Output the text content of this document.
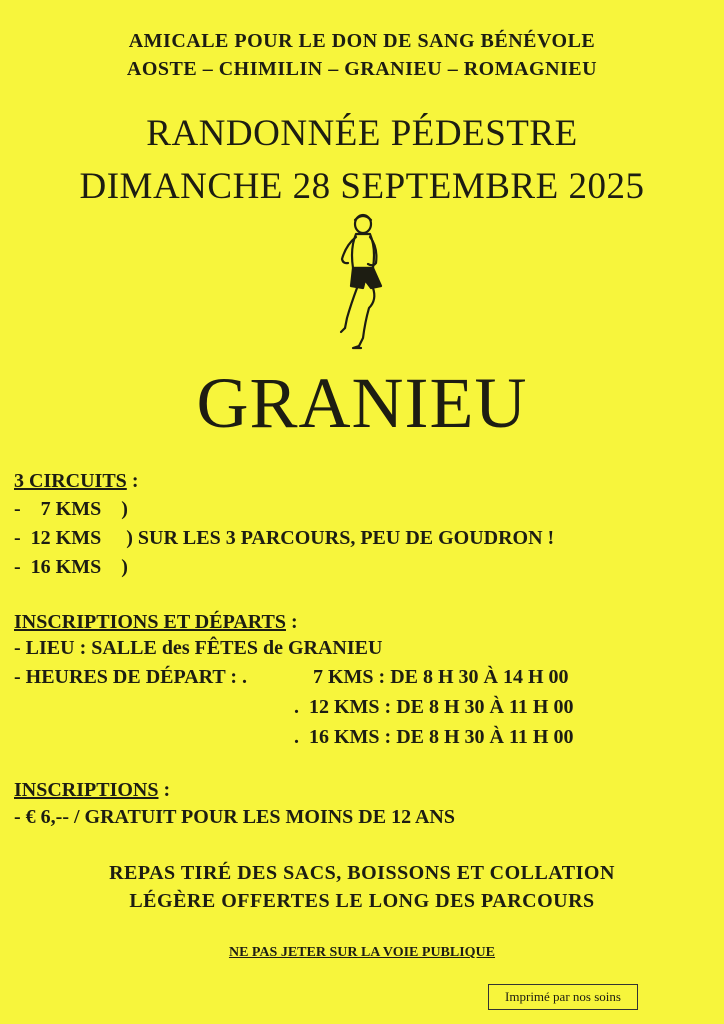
AMICALE POUR LE DON DE SANG BÉNÉVOLE
AOSTE – CHIMILIN – GRANIEU – ROMAGNIEU
RANDONNÉE PÉDESTRE
DIMANCHE 28 SEPTEMBRE 2025
GRANIEU
3 CIRCUITS :
-    7 KMS    )
-  12 KMS     ) SUR LES 3 PARCOURS, PEU DE GOUDRON !
-  16 KMS    )
INSCRIPTIONS ET DÉPARTS :
- LIEU : SALLE des FÊTES de GRANIEU
- HEURES DE DÉPART : .	7 KMS : DE 8 H 30 À 14 H 00
.  12 KMS : DE 8 H 30 À 11 H 00
.  16 KMS : DE 8 H 30 À 11 H 00
INSCRIPTIONS :
- € 6,-- / GRATUIT POUR LES MOINS DE 12 ANS
REPAS TIRÉ DES SACS, BOISSONS ET COLLATION
LÉGÈRE OFFERTES LE LONG DES PARCOURS
NE PAS JETER SUR LA VOIE PUBLIQUE
Imprimé par nos soins
